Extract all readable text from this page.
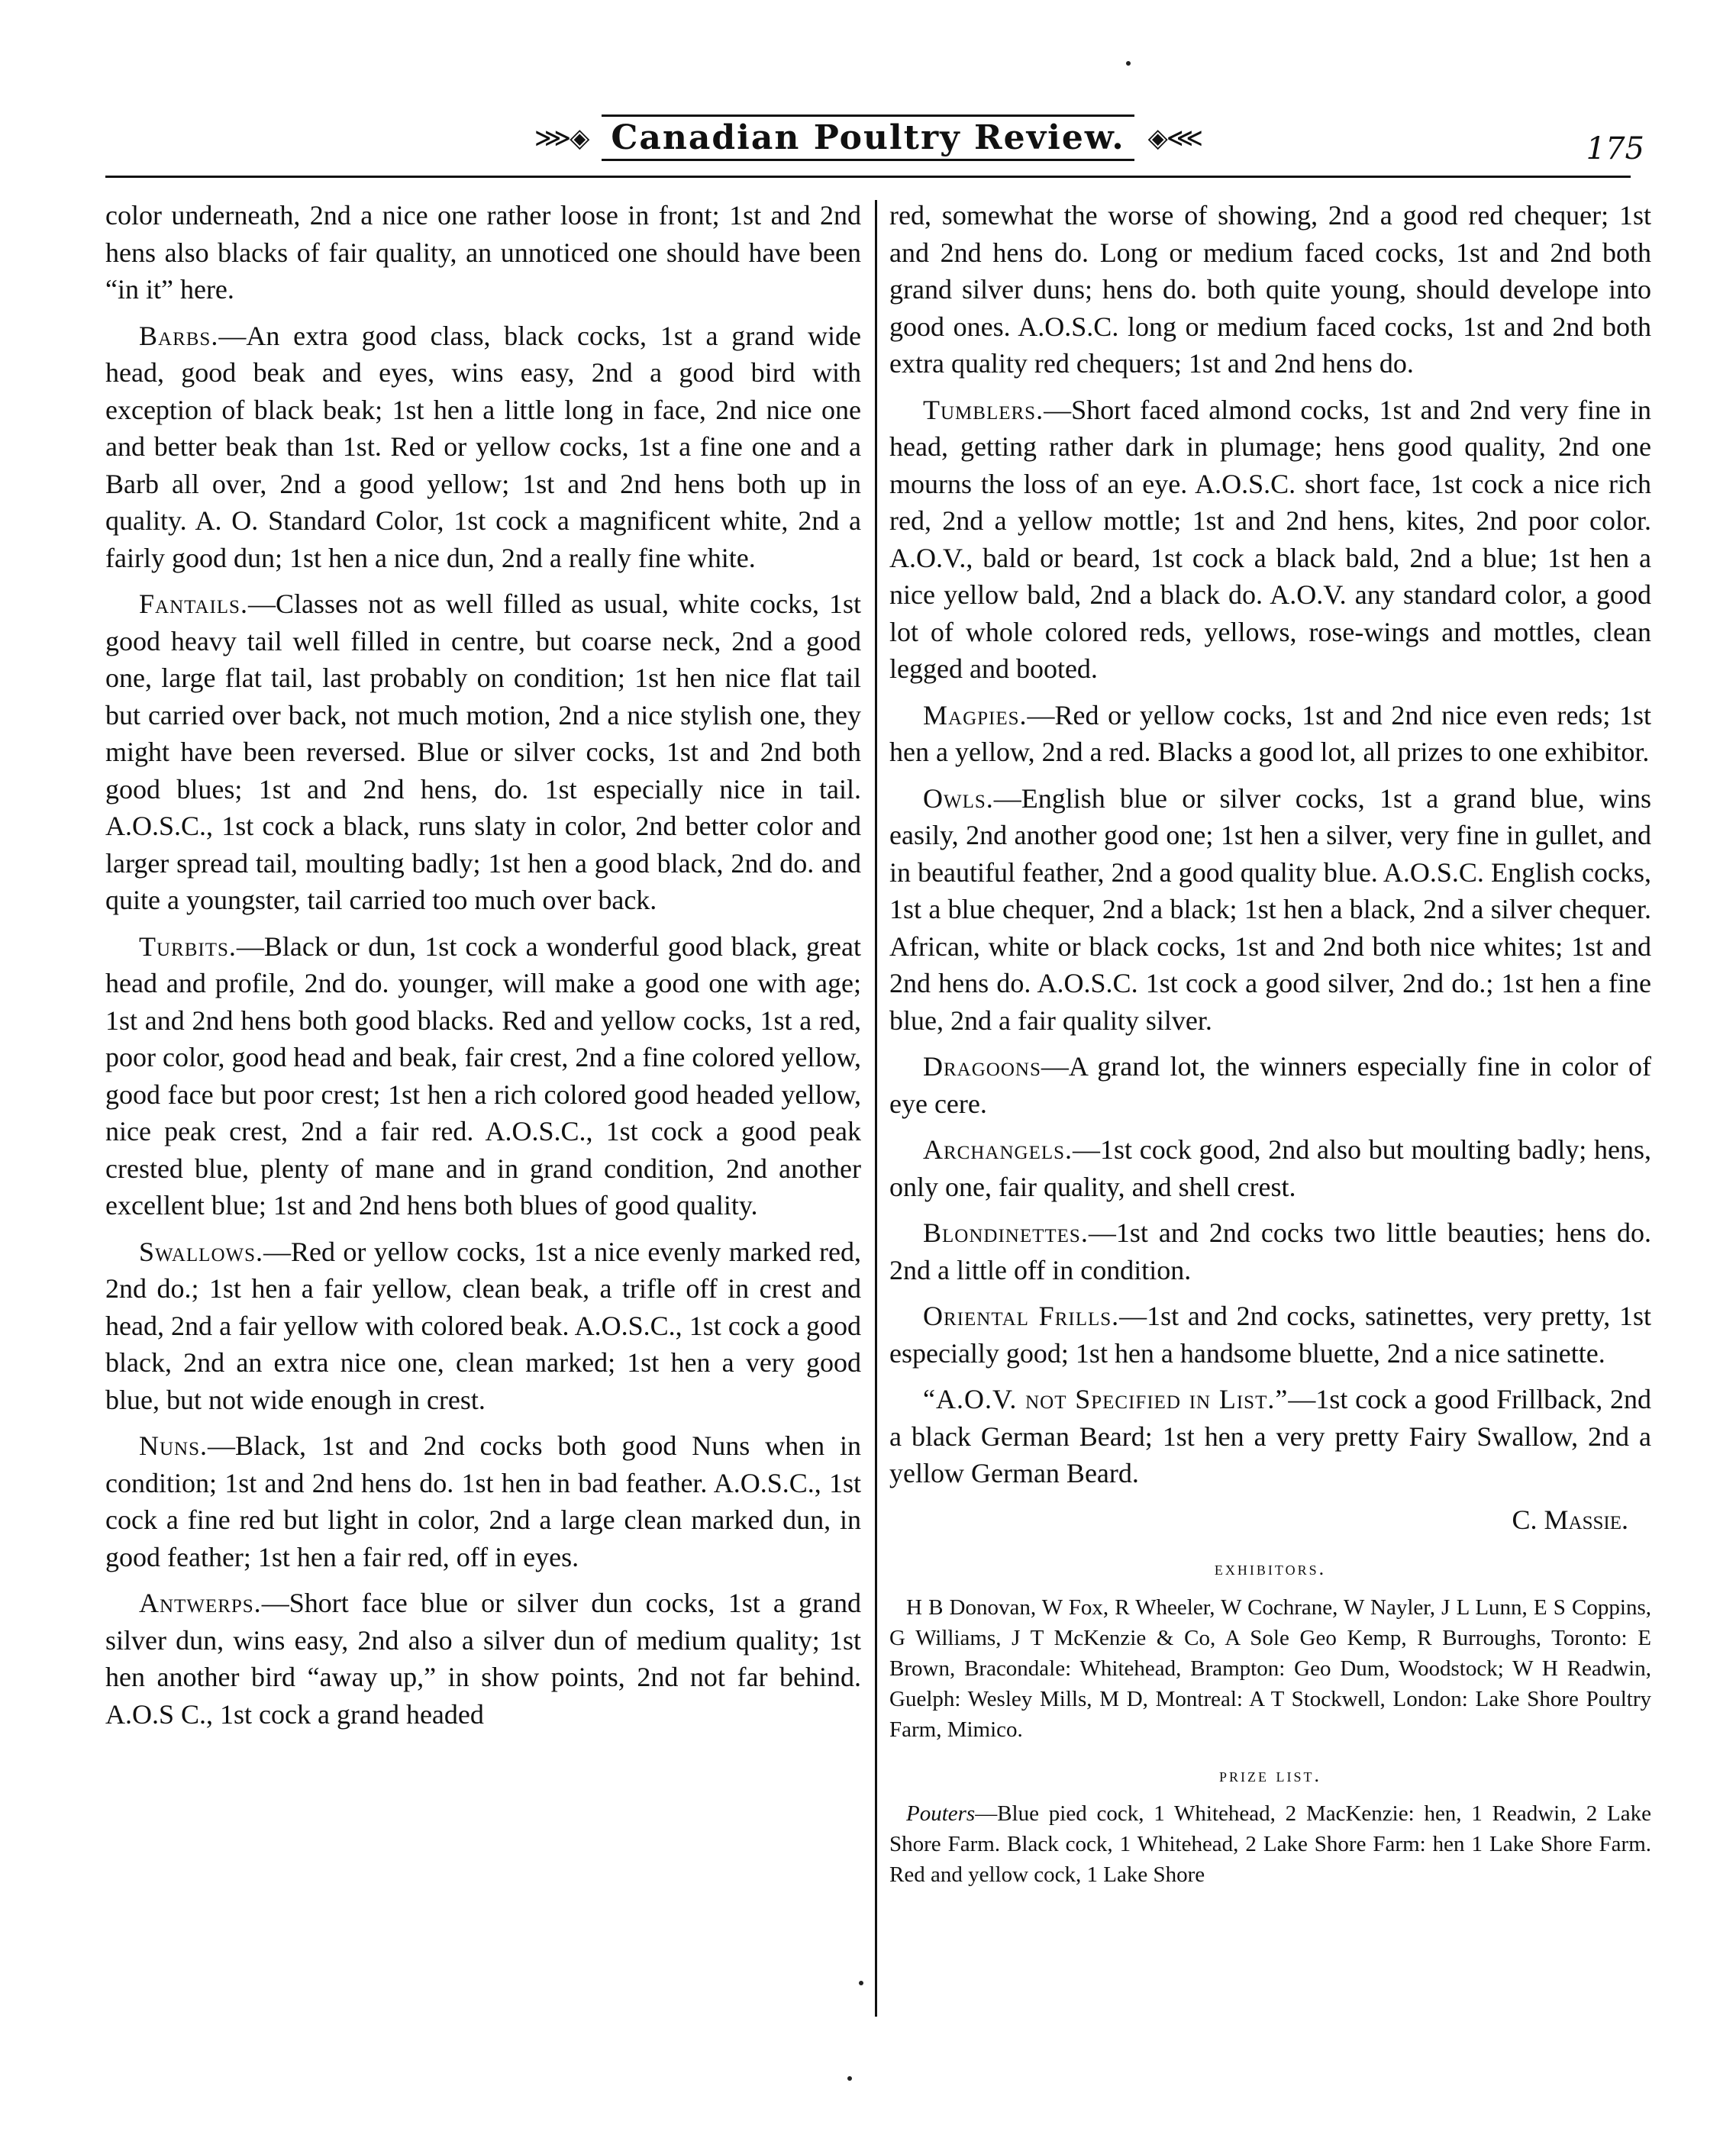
⋙◈ Canadian Poultry Review. ◈⋘	175

color underneath, 2nd a nice one rather loose in front; 1st and 2nd hens also blacks of fair quality, an unnoticed one should have been “in it” here.

Barbs.—An extra good class, black cocks, 1st a grand wide head, good beak and eyes, wins easy, 2nd a good bird with exception of black beak; 1st hen a little long in face, 2nd nice one and better beak than 1st. Red or yellow cocks, 1st a fine one and a Barb all over, 2nd a good yellow; 1st and 2nd hens both up in quality. A. O. Standard Color, 1st cock a magnificent white, 2nd a fairly good dun; 1st hen a nice dun, 2nd a really fine white.

Fantails.—Classes not as well filled as usual, white cocks, 1st good heavy tail well filled in centre, but coarse neck, 2nd a good one, large flat tail, last probably on condition; 1st hen nice flat tail but carried over back, not much motion, 2nd a nice stylish one, they might have been reversed. Blue or silver cocks, 1st and 2nd both good blues; 1st and 2nd hens, do. 1st especially nice in tail. A.O.S.C., 1st cock a black, runs slaty in color, 2nd better color and larger spread tail, moulting badly; 1st hen a good black, 2nd do. and quite a youngster, tail carried too much over back.

Turbits.—Black or dun, 1st cock a wonderful good black, great head and profile, 2nd do. younger, will make a good one with age; 1st and 2nd hens both good blacks. Red and yellow cocks, 1st a red, poor color, good head and beak, fair crest, 2nd a fine colored yellow, good face but poor crest; 1st hen a rich colored good headed yellow, nice peak crest, 2nd a fair red. A.O.S.C., 1st cock a good peak crested blue, plenty of mane and in grand condition, 2nd another excellent blue; 1st and 2nd hens both blues of good quality.

Swallows.—Red or yellow cocks, 1st a nice evenly marked red, 2nd do.; 1st hen a fair yellow, clean beak, a trifle off in crest and head, 2nd a fair yellow with colored beak. A.O.S.C., 1st cock a good black, 2nd an extra nice one, clean marked; 1st hen a very good blue, but not wide enough in crest.

Nuns.—Black, 1st and 2nd cocks both good Nuns when in condition; 1st and 2nd hens do. 1st hen in bad feather. A.O.S.C., 1st cock a fine red but light in color, 2nd a large clean marked dun, in good feather; 1st hen a fair red, off in eyes.

Antwerps.—Short face blue or silver dun cocks, 1st a grand silver dun, wins easy, 2nd also a silver dun of medium quality; 1st hen another bird “away up,” in show points, 2nd not far behind. A.O.S C., 1st cock a grand headed

red, somewhat the worse of showing, 2nd a good red chequer; 1st and 2nd hens do. Long or medium faced cocks, 1st and 2nd both grand silver duns; hens do. both quite young, should develope into good ones. A.O.S.C. long or medium faced cocks, 1st and 2nd both extra quality red chequers; 1st and 2nd hens do.

Tumblers.—Short faced almond cocks, 1st and 2nd very fine in head, getting rather dark in plumage; hens good quality, 2nd one mourns the loss of an eye. A.O.S.C. short face, 1st cock a nice rich red, 2nd a yellow mottle; 1st and 2nd hens, kites, 2nd poor color. A.O.V., bald or beard, 1st cock a black bald, 2nd a blue; 1st hen a nice yellow bald, 2nd a black do. A.O.V. any standard color, a good lot of whole colored reds, yellows, rose-wings and mottles, clean legged and booted.

Magpies.—Red or yellow cocks, 1st and 2nd nice even reds; 1st hen a yellow, 2nd a red. Blacks a good lot, all prizes to one exhibitor.

Owls.—English blue or silver cocks, 1st a grand blue, wins easily, 2nd another good one; 1st hen a silver, very fine in gullet, and in beautiful feather, 2nd a good quality blue. A.O.S.C. English cocks, 1st a blue chequer, 2nd a black; 1st hen a black, 2nd a silver chequer. African, white or black cocks, 1st and 2nd both nice whites; 1st and 2nd hens do. A.O.S.C. 1st cock a good silver, 2nd do.; 1st hen a fine blue, 2nd a fair quality silver.

Dragoons—A grand lot, the winners especially fine in color of eye cere.

Archangels.—1st cock good, 2nd also but moulting badly; hens, only one, fair quality, and shell crest.

Blondinettes.—1st and 2nd cocks two little beauties; hens do. 2nd a little off in condition.

Oriental Frills.—1st and 2nd cocks, satinettes, very pretty, 1st especially good; 1st hen a handsome bluette, 2nd a nice satinette.

“A.O.V. not Specified in List.”—1st cock a good Frillback, 2nd a black German Beard; 1st hen a very pretty Fairy Swallow, 2nd a yellow German Beard.

C. Massie.
exhibitors.

H B Donovan, W Fox, R Wheeler, W Cochrane, W Nayler, J L Lunn, E S Coppins, G Williams, J T McKenzie & Co, A Sole Geo Kemp, R Burroughs, Toronto: E Brown, Bracondale: Whitehead, Brampton: Geo Dum, Woodstock; W H Readwin, Guelph: Wesley Mills, M D, Montreal: A T Stockwell, London: Lake Shore Poultry Farm, Mimico.

prize list.

Pouters—Blue pied cock, 1 Whitehead, 2 MacKenzie: hen, 1 Readwin, 2 Lake Shore Farm. Black cock, 1 Whitehead, 2 Lake Shore Farm: hen 1 Lake Shore Farm. Red and yellow cock, 1 Lake Shore
